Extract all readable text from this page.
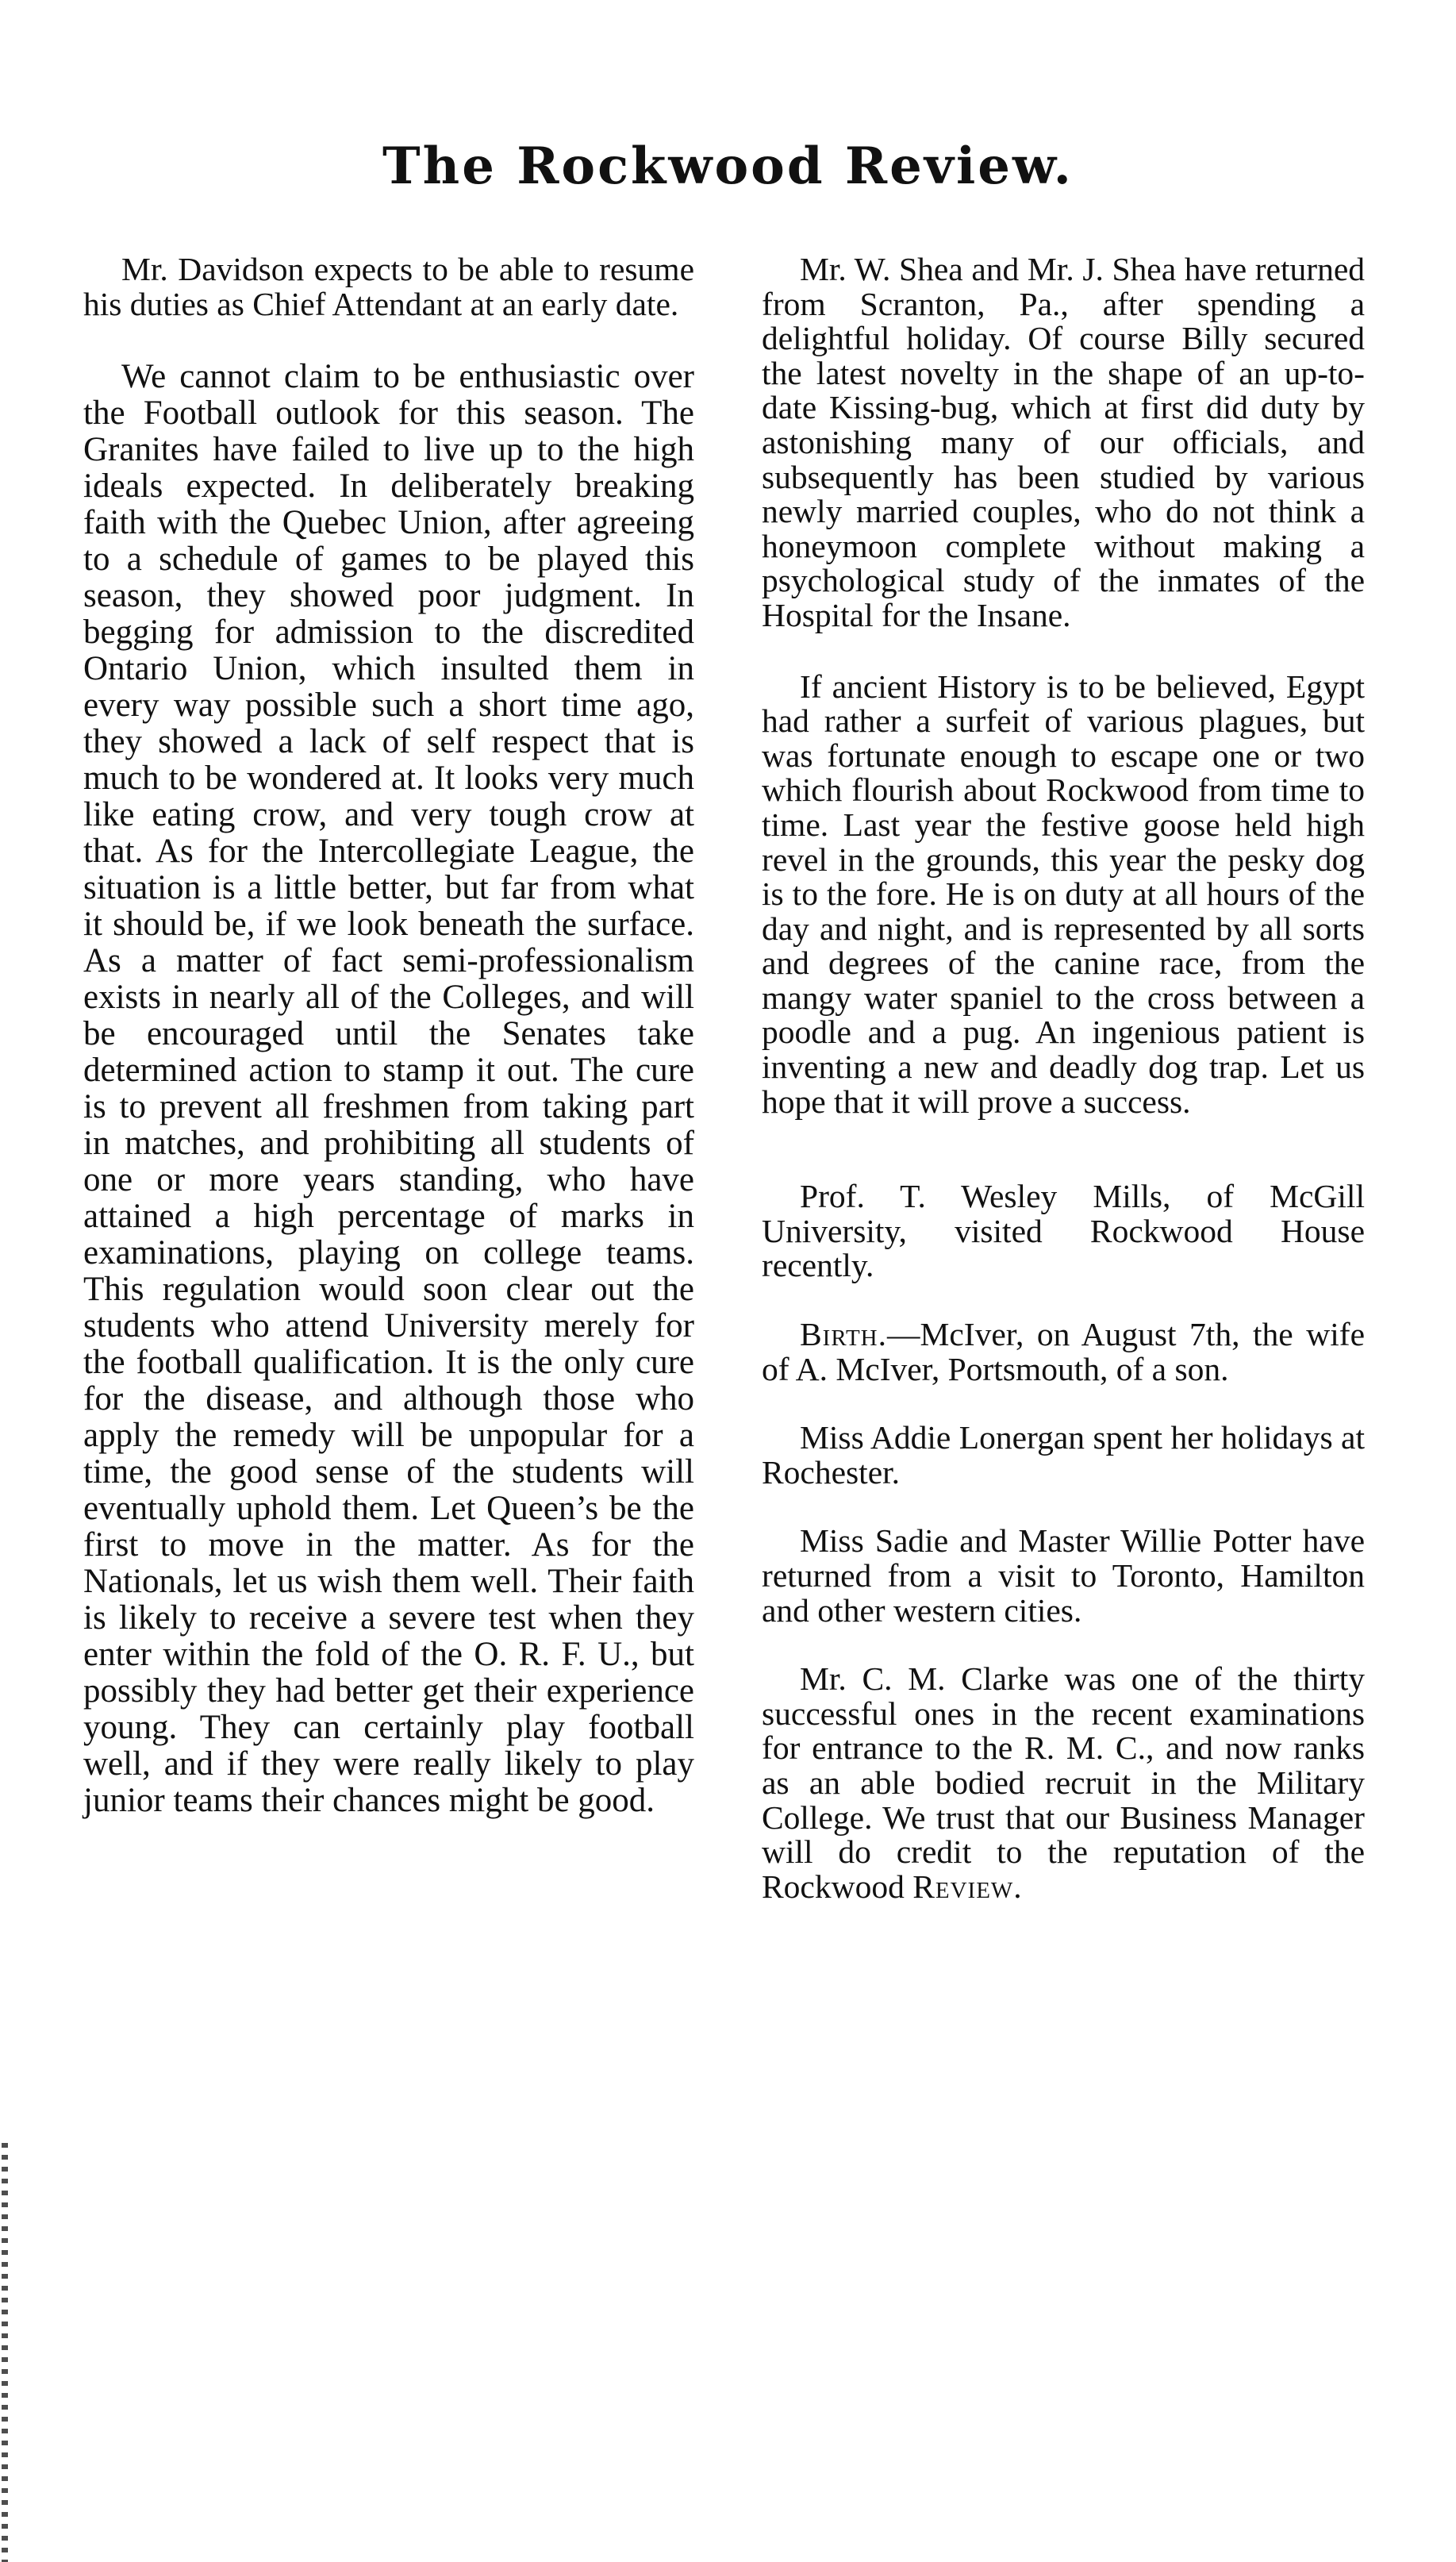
The Rockwood Review.

Mr. Davidson expects to be able to resume his duties as Chief Attendant at an early date.

We cannot claim to be enthusiastic over the Football outlook for this season. The Granites have failed to live up to the high ideals expected. In deliberately breaking faith with the Quebec Union, after agreeing to a schedule of games to be played this season, they showed poor judgment. In begging for admission to the discredited Ontario Union, which insulted them in every way possible such a short time ago, they showed a lack of self respect that is much to be wondered at. It looks very much like eating crow, and very tough crow at that. As for the Intercollegiate League, the situation is a little better, but far from what it should be, if we look beneath the surface. As a matter of fact semi-professionalism exists in nearly all of the Colleges, and will be encouraged until the Senates take determined action to stamp it out. The cure is to prevent all freshmen from taking part in matches, and prohibiting all students of one or more years standing, who have attained a high percentage of marks in examinations, playing on college teams. This regulation would soon clear out the students who attend University merely for the football qualification. It is the only cure for the disease, and although those who apply the remedy will be unpopular for a time, the good sense of the students will eventually uphold them. Let Queen’s be the first to move in the matter. As for the Nationals, let us wish them well. Their faith is likely to receive a severe test when they enter within the fold of the O. R. F. U., but possibly they had better get their experience young. They can certainly play football well, and if they were really likely to play junior teams their chances might be good.

Mr. W. Shea and Mr. J. Shea have returned from Scranton, Pa., after spending a delightful holiday. Of course Billy secured the latest novelty in the shape of an up-to-date Kissing-bug, which at first did duty by astonishing many of our officials, and subsequently has been studied by various newly married couples, who do not think a honeymoon complete without making a psychological study of the inmates of the Hospital for the Insane.

If ancient History is to be believed, Egypt had rather a surfeit of various plagues, but was fortunate enough to escape one or two which flourish about Rockwood from time to time. Last year the festive goose held high revel in the grounds, this year the pesky dog is to the fore. He is on duty at all hours of the day and night, and is represented by all sorts and degrees of the canine race, from the mangy water spaniel to the cross between a poodle and a pug. An ingenious patient is inventing a new and deadly dog trap. Let us hope that it will prove a success.

Prof. T. Wesley Mills, of McGill University, visited Rockwood House recently.

Birth.—McIver, on August 7th, the wife of A. McIver, Portsmouth, of a son.

Miss Addie Lonergan spent her holidays at Rochester.

Miss Sadie and Master Willie Potter have returned from a visit to Toronto, Hamilton and other western cities.

Mr. C. M. Clarke was one of the thirty successful ones in the recent examinations for entrance to the R. M. C., and now ranks as an able bodied recruit in the Military College. We trust that our Business Manager will do credit to the reputation of the Rockwood Review.
